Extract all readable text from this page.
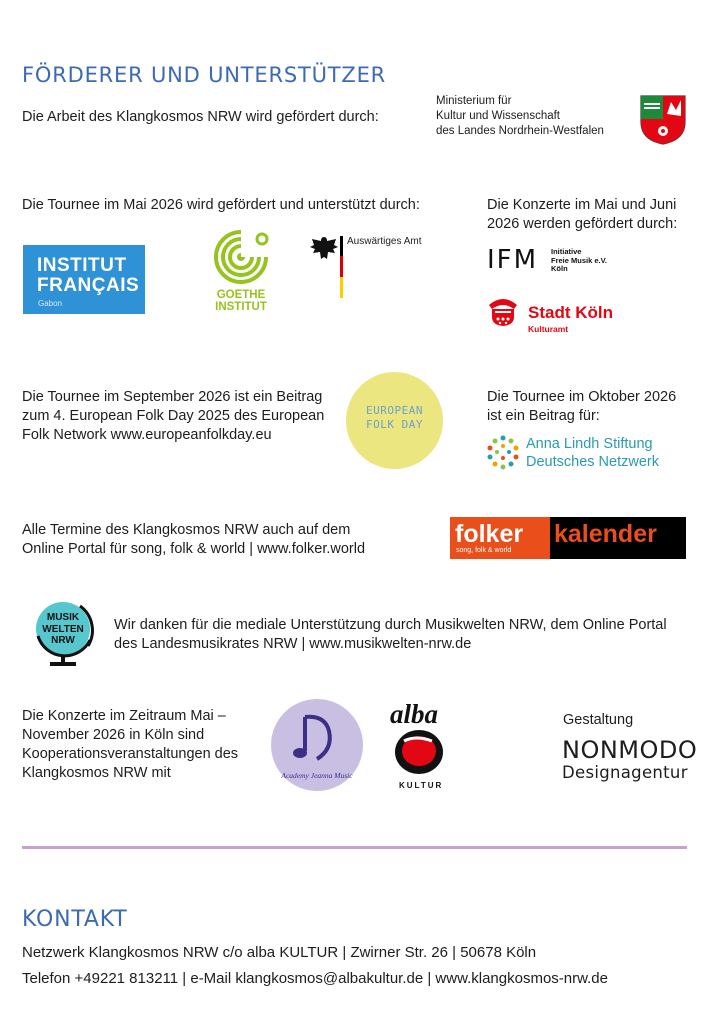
FÖRDERER UND UNTERSTÜTZER
Die Arbeit des Klangkosmos NRW wird gefördert durch:
Ministerium für
Kultur und Wissenschaft
des Landes Nordrhein-Westfalen
Die Tournee im Mai 2026 wird gefördert und unterstützt durch:
INSTITUT
FRANÇAIS
Gabon
GOETHE
INSTITUT
Auswärtiges Amt
Die Konzerte im Mai und Juni
2026 werden gefördert durch:
IFM Initiative
Freie Musik e.V.
Köln
Stadt Köln
Kulturamt
Die Tournee im September 2026 ist ein Beitrag
zum 4. European Folk Day 2025 des European
Folk Network www.europeanfolkday.eu
EUROPEAN
FOLK DAY
Die Tournee im Oktober 2026
ist ein Beitrag für:
Anna Lindh Stiftung
Deutsches Netzwerk
Alle Termine des Klangkosmos NRW auch auf dem
Online Portal für song, folk & world | www.folker.world
folker kalender
song, folk & world
MUSIK
WELTEN
NRW
Wir danken für die mediale Unterstützung durch Musikwelten NRW, dem Online Portal
des Landesmusikrates NRW | www.musikwelten-nrw.de
Die Konzerte im Zeitraum Mai –
November 2026 in Köln sind
Kooperationsveranstaltungen des
Klangkosmos NRW mit	Academy Jeanna Music
alba
KULTUR
Gestaltung
NONMODO
Designagentur
KONTAKT
Netzwerk Klangkosmos NRW c/o alba KULTUR | Zwirner Str. 26 | 50678 Köln
Telefon +49221 813211 | e-Mail klangkosmos@albakultur.de | www.klangkosmos-nrw.de
